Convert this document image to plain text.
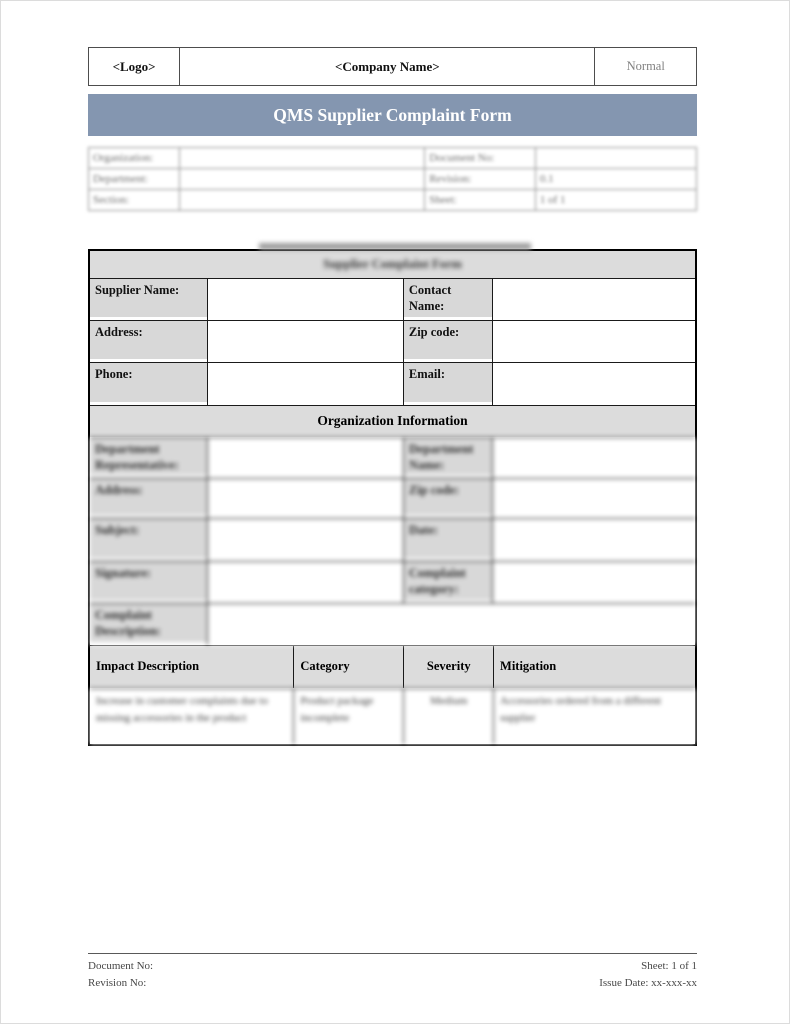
<Logo>	<Company Name>	Normal
QMS Supplier Complaint Form
Organization:		Document No:	
Department:		Revision:	0.1
Section:		Sheet:	1 of 1
Supplier Complaint Form
Supplier Name:		Contact Name:	
Address:		Zip code:	
Phone:		Email:	
Organization Information
Department Representative:		Department Name:	
Address:		Zip code:	
Subject:		Date:	
Signature:		Complaint category:	
Complaint Description:			
Impact Description	Category	Severity	Mitigation
Increase in customer complaints due to missing accessories in the product	Product package incomplete	Medium	Accessories ordered from a different supplier
Document No:
Revision No:
Sheet: 1 of 1
Issue Date: xx-xxx-xx
